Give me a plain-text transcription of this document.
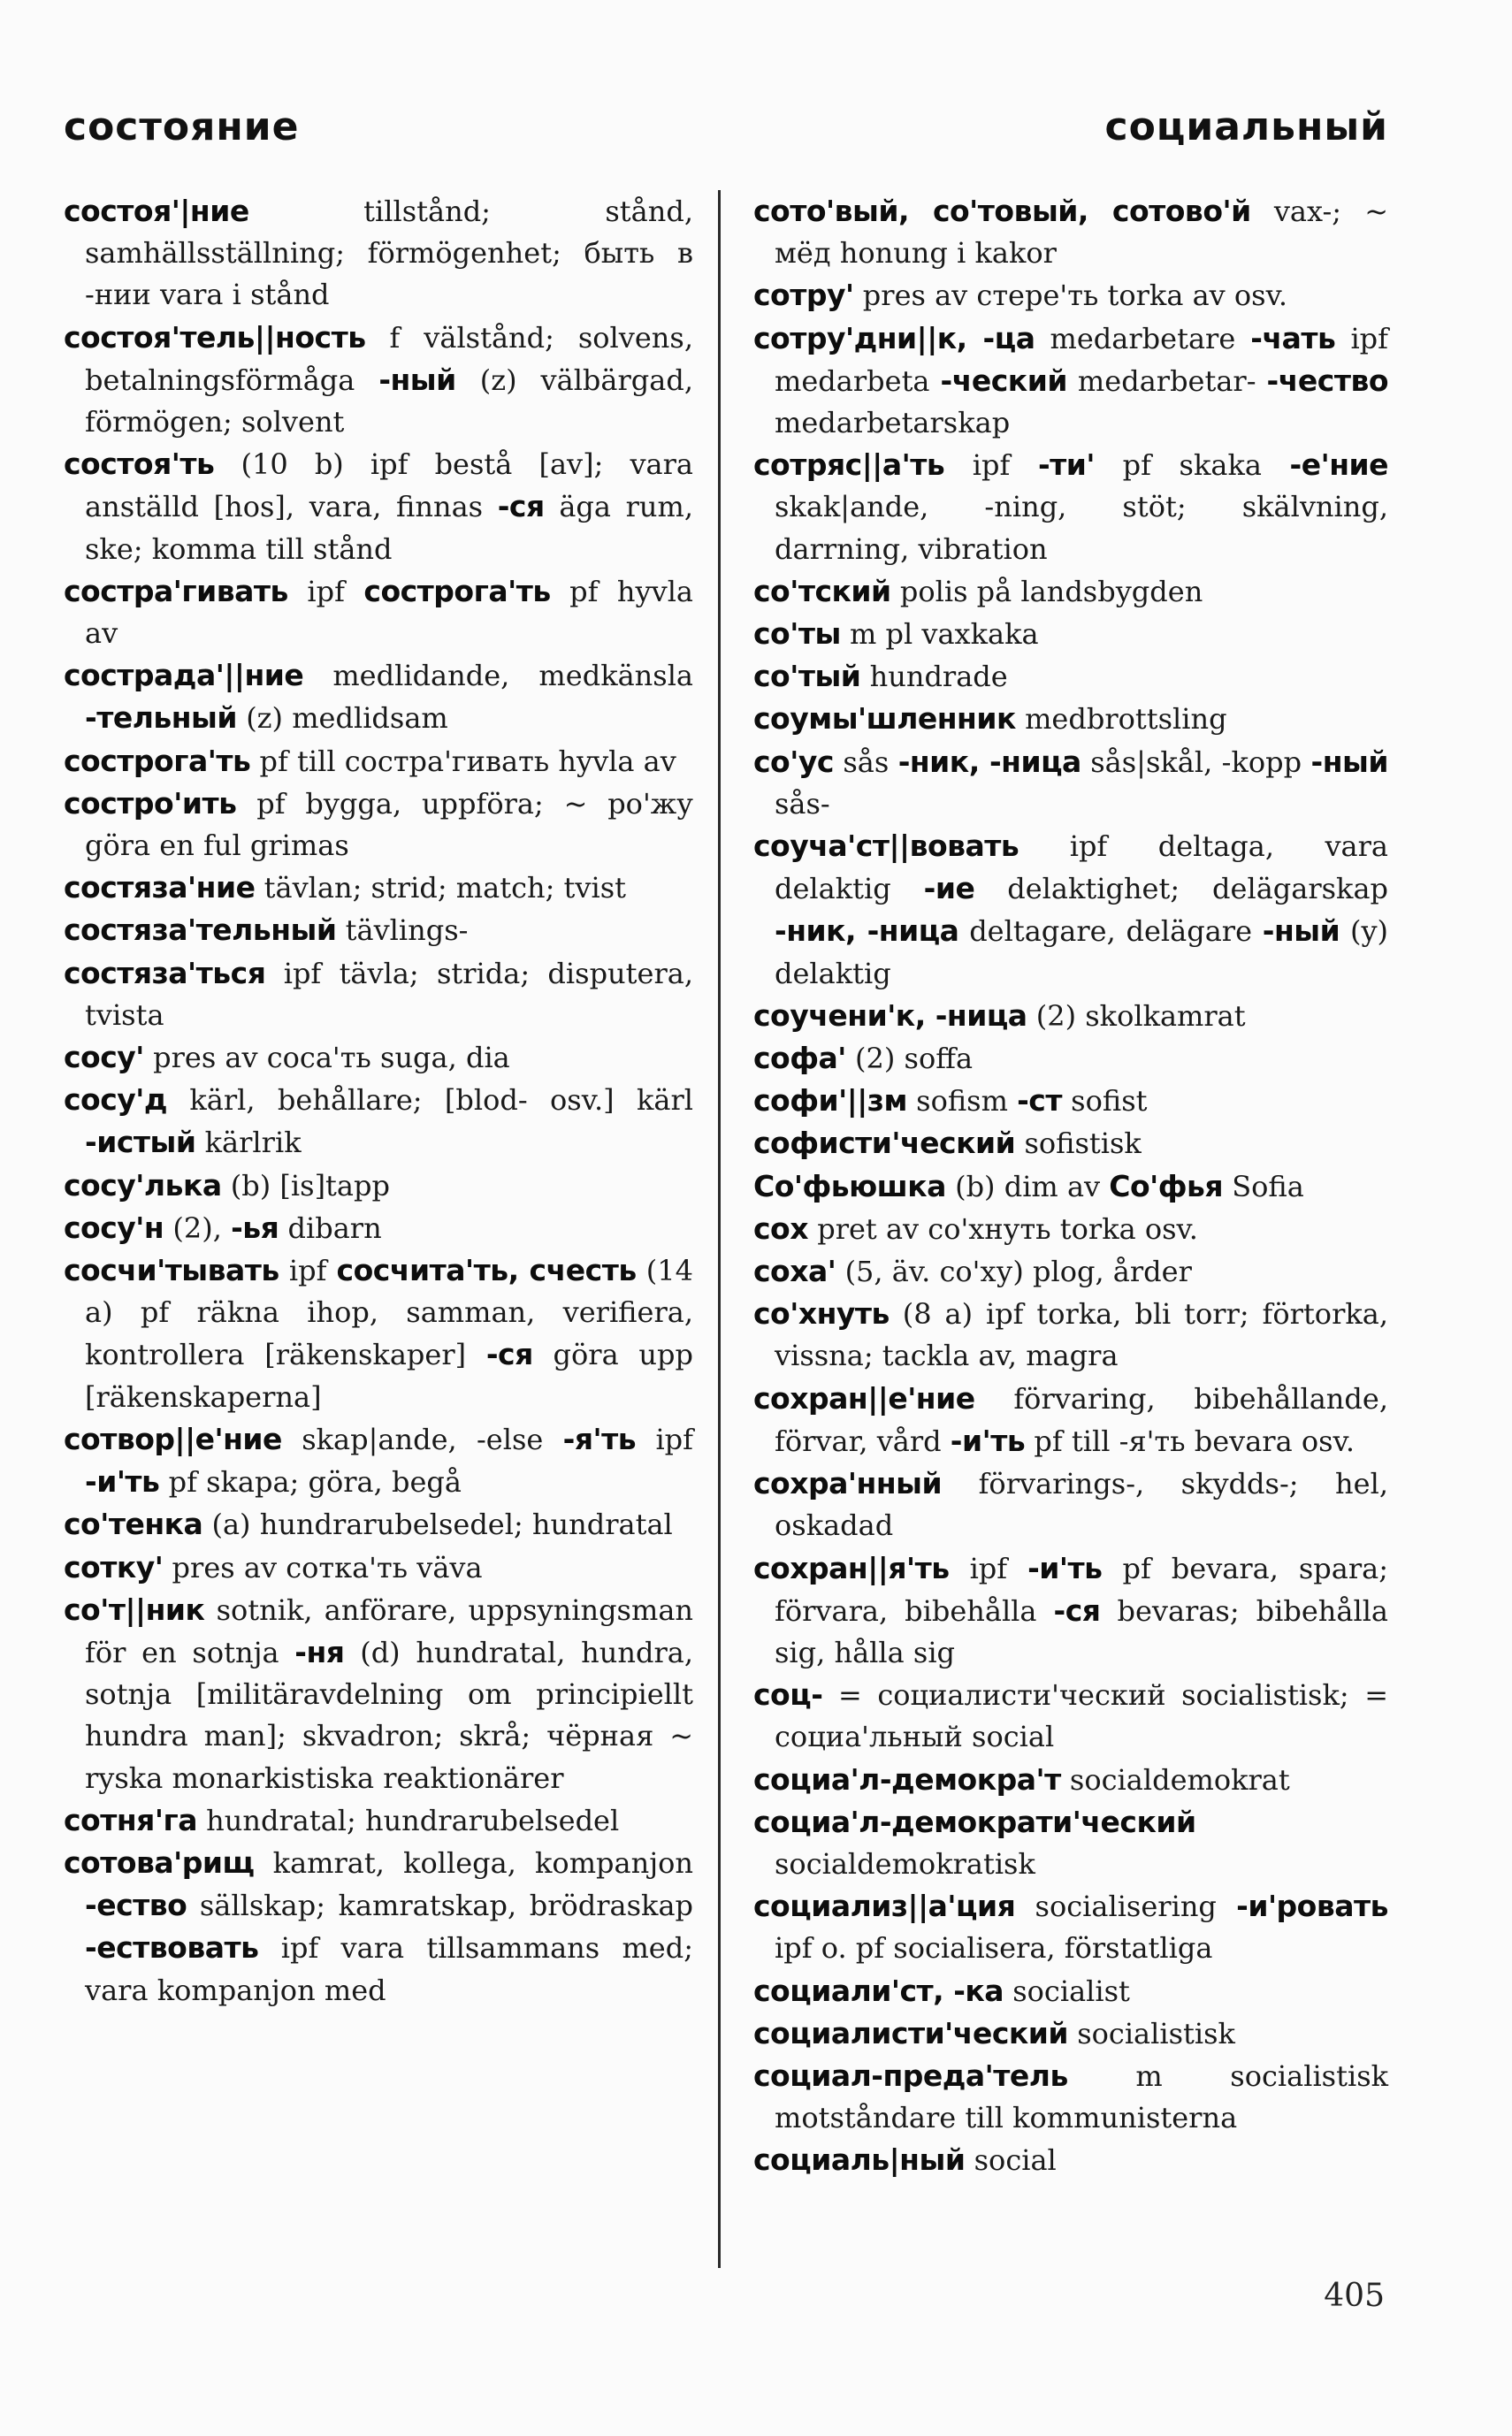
состояние	социальный

состоя'|ние tillstånd; stånd, samhällsställning; förmögenhet; быть в -нии vara i stånd

состоя'тель||ность f välstånd; solvens, betalningsförmåga -ный (z) välbärgad, förmögen; solvent

состоя'ть (10 b) ipf bestå [av]; vara anställd [hos], vara, finnas -ся äga rum, ske; komma till stånd

состра'гивать ipf сострога'ть pf hyvla av

сострада'||ние medlidande, medkänsla -тельный (z) medlidsam

сострога'ть pf till состра'гивать hyvla av

состро'ить pf bygga, uppföra; ~ ро'жу göra en ful grimas

состяза'ние tävlan; strid; match; tvist

состяза'тельный tävlings-

состяза'ться ipf tävla; strida; disputera, tvista

сосу' pres av coca'ть suga, dia

сосу'д kärl, behållare; [blod- osv.] kärl -истый kärlrik

сосу'лька (b) [is]tapp

сосу'н (2), -ья dibarn

сосчи'тывать ipf сосчита'ть, счесть (14 a) pf räkna ihop, samman, verifiera, kontrollera [räkenskaper] -ся göra upp [räkenskaperna]

сотвор||е'ние skap|ande, -else -я'ть ipf -и'ть pf skapa; göra, begå

со'тенка (a) hundrarubelsedel; hundratal

сотку' pres av сотка'ть väva

со'т||ник sotnik, anförare, uppsyningsman för en sotnja -ня (d) hundratal, hundra, sotnja [militäravdelning om principiellt hundra man]; skvadron; skrå; чёрная ~ ryska monarkistiska reaktionärer

сотня'га hundratal; hundrarubelsedel

сотова'рищ kamrat, kollega, kompanjon -ество sällskap; kamratskap, brödraskap -ествовать ipf vara tillsammans med; vara kompanjon med

сото'вый, со'товый, сотово'й vax-; ~ мёд honung i kakor

сотру' pres av стере'ть torka av osv.

сотру'дни||к, -ца medarbetare -чать ipf medarbeta -ческий medarbetar- -чество medarbetarskap

сотряс||а'ть ipf -ти' pf skaka -е'ние skak|ande, -ning, stöt; skälvning, darrning, vibration

со'тский polis på landsbygden

со'ты m pl vaxkaka

со'тый hundrade

соумы'шленник medbrottsling

со'ус sås -ник, -ница sås|skål, -kopp -ный sås-

соуча'ст||вовать ipf deltaga, vara delaktig -ие delaktighet; delägarskap -ник, -ница deltagare, delägare -ный (y) delaktig

соучени'к, -ница (2) skolkamrat

софа' (2) soffa

софи'||зм sofism -ст sofist

софисти'ческий sofistisk

Со'фьюшка (b) dim av Со'фья Sofia

сох pret av со'хнуть torka osv.

соха' (5, äv. со'ху) plog, årder

со'хнуть (8 a) ipf torka, bli torr; förtorka, vissna; tackla av, magra

сохран||е'ние förvaring, bibehållande, förvar, vård -и'ть pf till -я'ть bevara osv.

сохра'нный förvarings-, skydds-; hel, oskadad

сохран||я'ть ipf -и'ть pf bevara, spara; förvara, bibehålla -ся bevaras; bibehålla sig, hålla sig

соц- = социалисти'ческий socialistisk; = социа'льный social

социа'л-демокра'т socialdemokrat

социа'л-демократи'ческий socialdemokratisk

социализ||а'ция socialisering -и'ровать ipf o. pf socialisera, förstatliga

социали'ст, -ка socialist

социалисти'ческий socialistisk

социал-преда'тель m socialistisk motståndare till kommunisterna

социаль|ный social

405
